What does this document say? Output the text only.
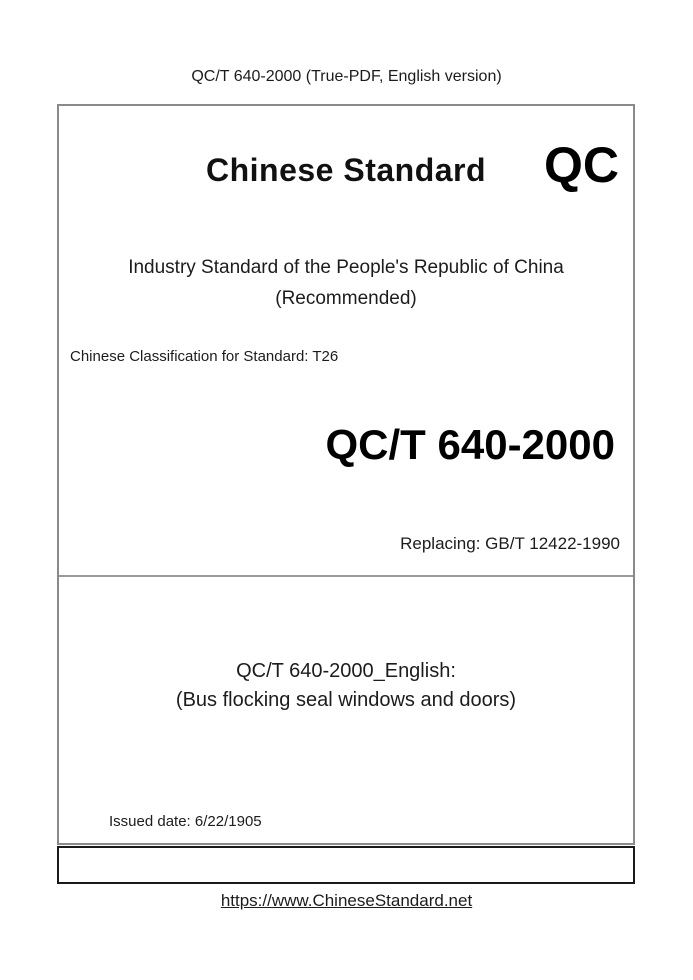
QC/T 640-2000 (True-PDF, English version)
Chinese Standard	QC
Industry Standard of the People's Republic of China
(Recommended)
Chinese Classification for Standard: T26
QC/T 640-2000
Replacing: GB/T 12422-1990
QC/T 640-2000_English:
(Bus flocking seal windows and doors)
Issued date: 6/22/1905
https://www.ChineseStandard.net
